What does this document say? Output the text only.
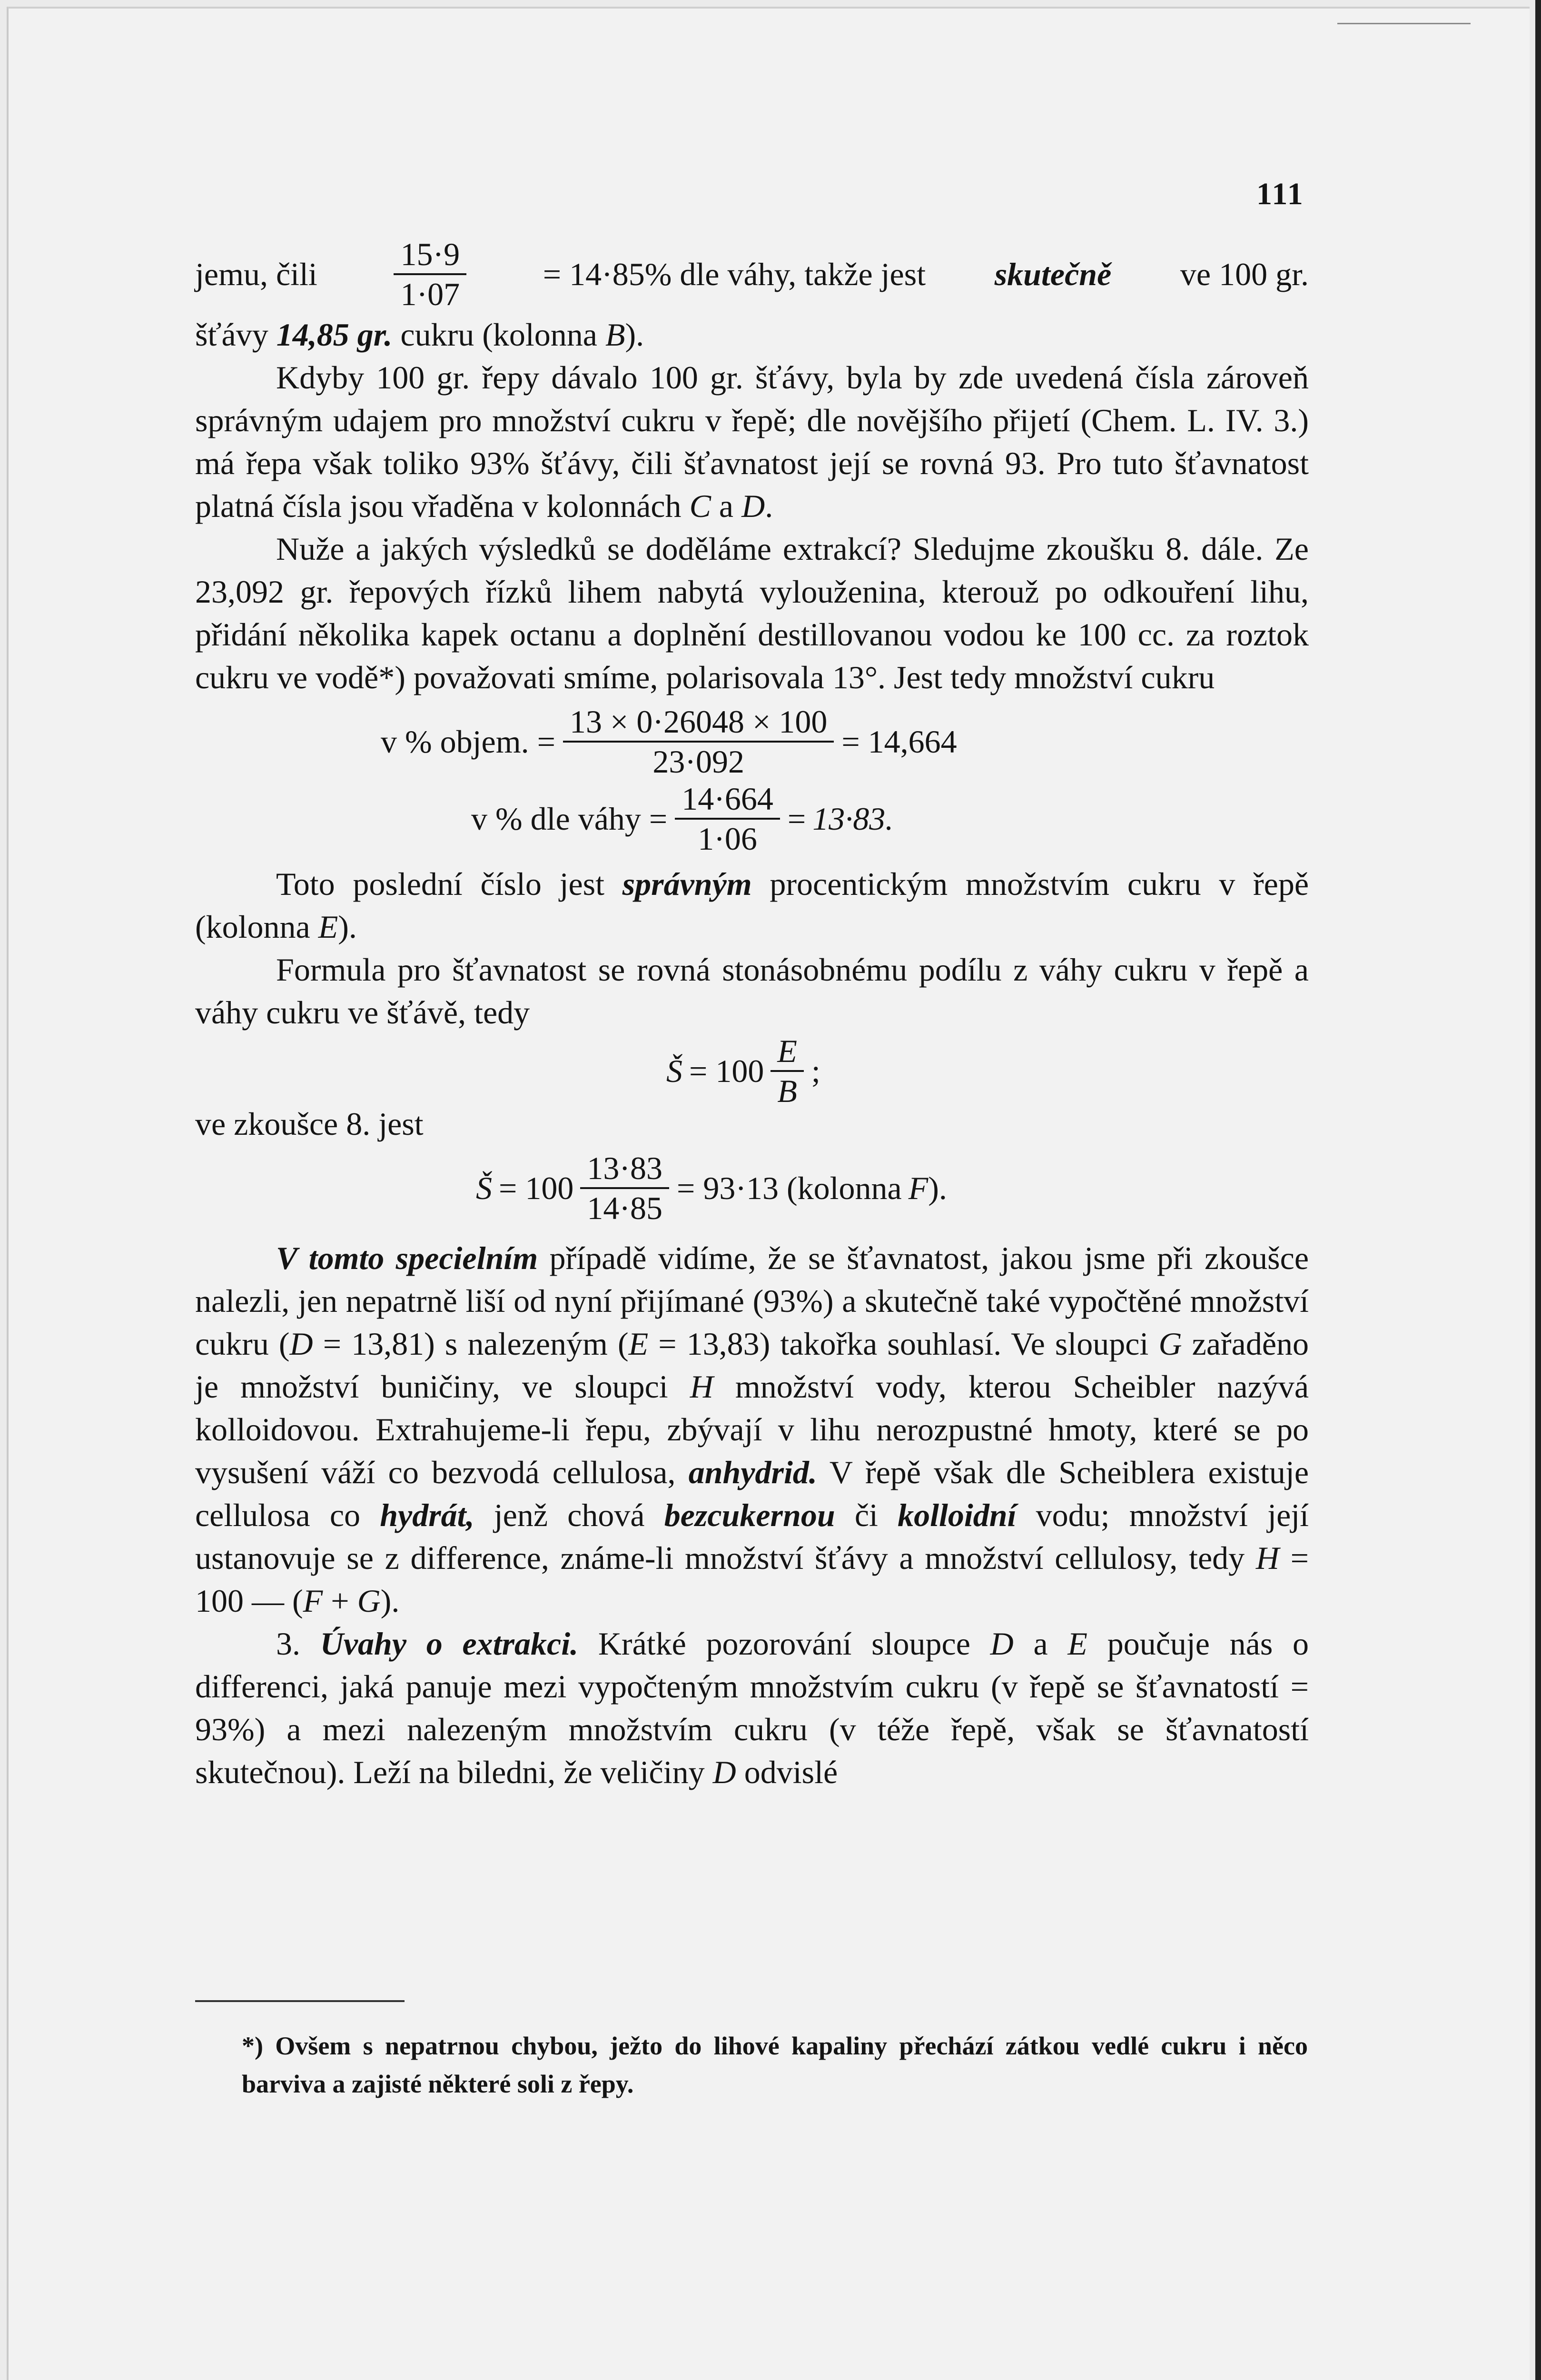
111
jemu, čili $\frac{15\cdot 9}{1\cdot 07} = 14\cdot 85\%$ dle váhy, takže jest skutečně ve 100 gr.

šťávy 14,85 gr. cukru (kolonna B).

Kdyby 100 gr. řepy dávalo 100 gr. šťávy, byla by zde uvedená čísla zároveň správným udajem pro množství cukru v řepě; dle novějšího přijetí (Chem. L. IV. 3.) má řepa však toliko 93% šťávy, čili šťavnatost její se rovná 93. Pro tuto šťavnatost platná čísla jsou vřaděna v kolonnách C a D.

Nuže a jakých výsledků se doděláme extrakcí? Sledujme zkoušku 8. dále. Ze 23,092 gr. řepových řízků lihem nabytá vylouženina, kterouž po odkouření lihu, přidání několika kapek octanu a doplnění destillovanou vodou ke 100 cc. za roztok cukru ve vodě*) považovati smíme, polarisovala 13°. Jest tedy množství cukru

v % objem. = $\frac{13 \times 0\cdot 26048 \times 100}{23\cdot 092} = 14,664$
v % dle váhy = $\frac{14\cdot 664}{1\cdot 06} = 13\cdot 83$.

Toto poslední číslo jest správným procentickým množstvím cukru v řepě (kolonna E).

Formula pro šťavnatost se rovná stonásobnému podílu z váhy cukru v řepě a váhy cukru ve šťávě, tedy

Š = $100 \frac{E}{B}$ ;

ve zkoušce 8. jest

Š = $100 \frac{13\cdot 83}{14\cdot 85} = 93\cdot 13$ (kolonna F ).

V tomto specielním případě vidíme, že se šťavnatost, jakou jsme při zkoušce nalezli, jen nepatrně liší od nyní přijímané (93%) a skutečně také vypočtěné množství cukru (D = 13,81) s nalezeným (E = 13,83) takořka souhlasí. Ve sloupci G zařaděno je množství buničiny, ve sloupci H množství vody, kterou Scheibler nazývá kolloidovou. Extrahujeme-li řepu, zbývají v lihu nerozpustné hmoty, které se po vysušení váží co bezvodá cellulosa, anhydrid. V řepě však dle Scheiblera existuje cellulosa co hydrát, jenž chová bezcukernou či kolloidní vodu; množství její ustanovuje se z difference, známe-li množství šťávy a množství cellulosy, tedy H = 100 — (F + G).

3. Úvahy o extrakci. Krátké pozorování sloupce D a E poučuje nás o differenci, jaká panuje mezi vypočteným množstvím cukru (v řepě se šťavnatostí = 93%) a mezi nalezeným množstvím cukru (v téže řepě, však se šťavnatostí skutečnou). Leží na biledni, že veličiny D odvislé

*) Ovšem s nepatrnou chybou, ježto do lihové kapaliny přechází zátkou vedlé cukru i něco barviva a zajisté některé soli z řepy.
